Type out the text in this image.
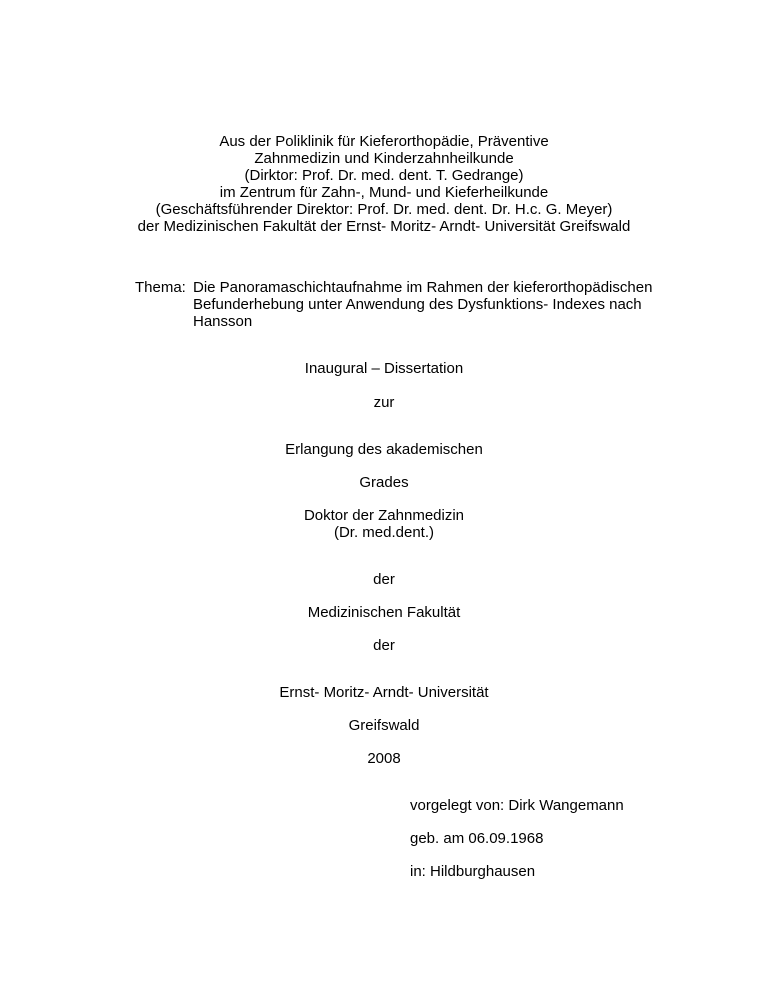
Aus der Poliklinik für Kieferorthopädie, Präventive
Zahnmedizin und Kinderzahnheilkunde
(Dirktor: Prof. Dr. med. dent. T. Gedrange)
im Zentrum für Zahn-, Mund- und Kieferheilkunde
(Geschäftsführender Direktor: Prof. Dr. med. dent. Dr. H.c. G. Meyer)
der Medizinischen Fakultät der Ernst- Moritz- Arndt- Universität Greifswald
Thema: Die Panoramaschichtaufnahme im Rahmen der kieferorthopädischen
Befunderhebung unter Anwendung des Dysfunktions- Indexes nach
Hansson
Inaugural – Dissertation
zur
Erlangung des akademischen
Grades
Doktor der Zahnmedizin
(Dr. med.dent.)
der
Medizinischen Fakultät
der
Ernst- Moritz- Arndt- Universität
Greifswald
2008
vorgelegt von: Dirk Wangemann
geb. am 06.09.1968
in: Hildburghausen
